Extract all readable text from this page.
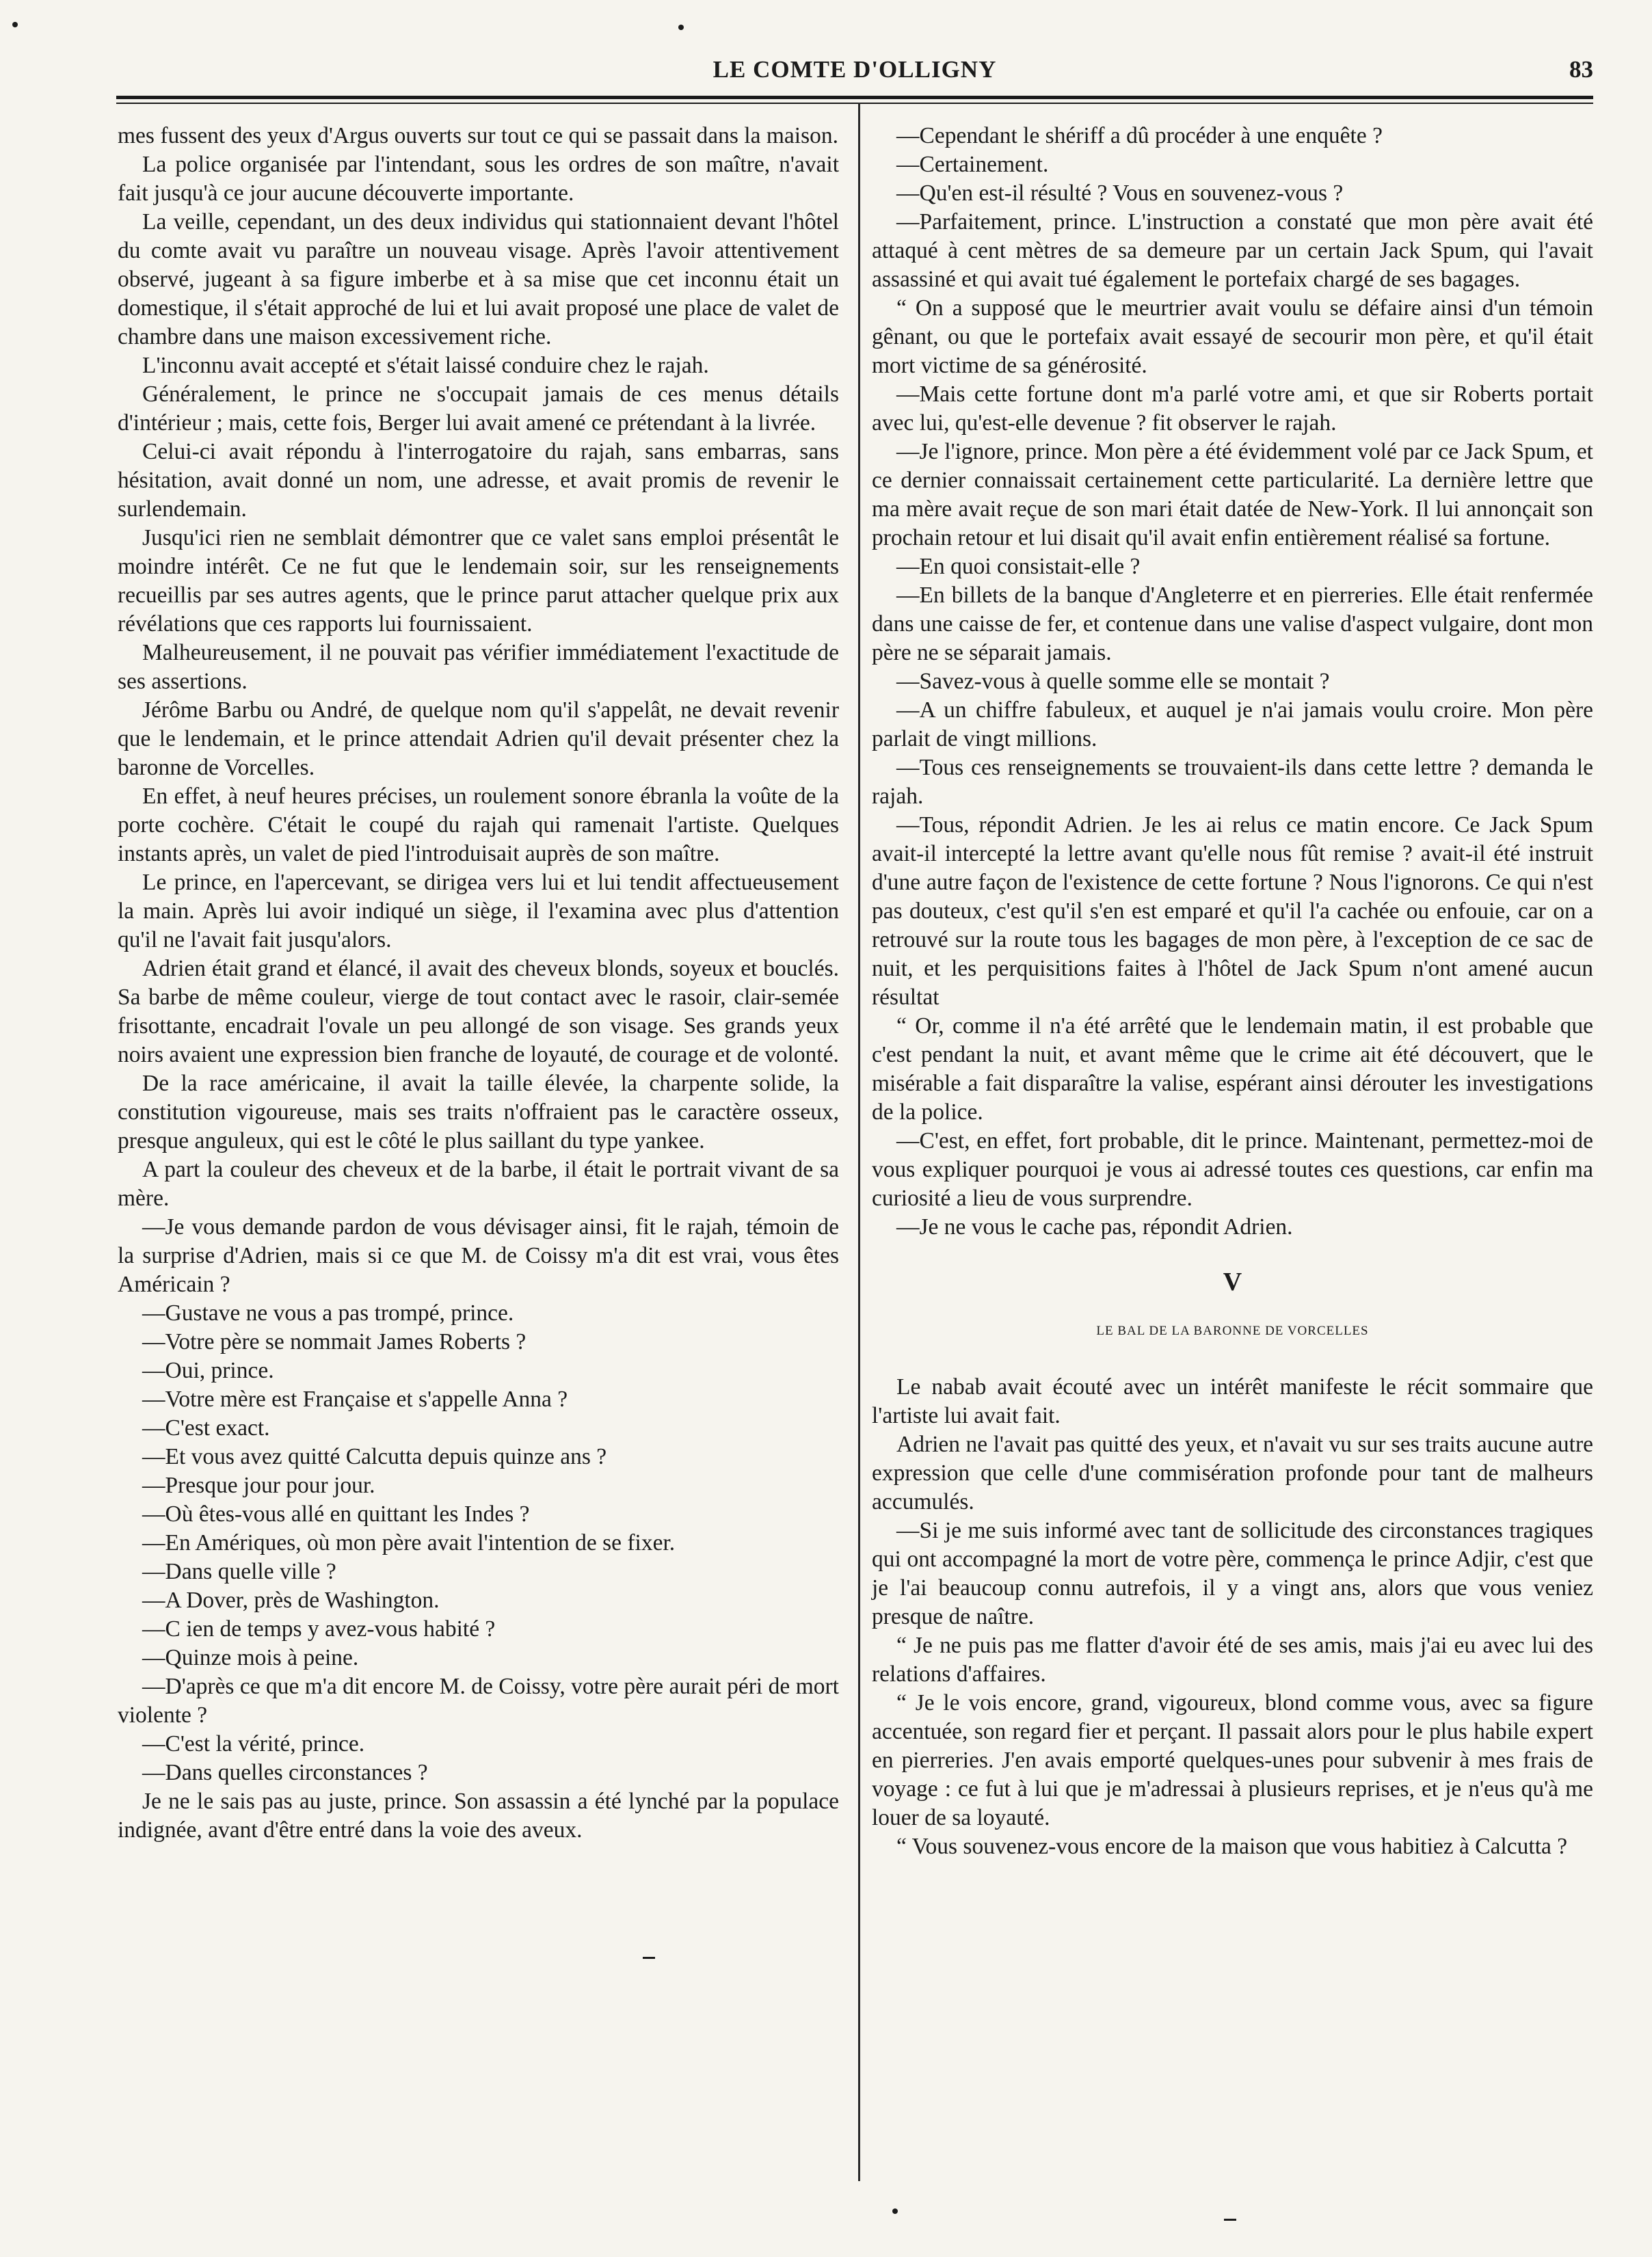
LE COMTE D'OLLIGNY	83

mes fussent des yeux d'Argus ouverts sur tout ce qui se passait dans la maison.

La police organisée par l'intendant, sous les ordres de son maître, n'avait fait jusqu'à ce jour aucune découverte importante.

La veille, cependant, un des deux individus qui stationnaient devant l'hôtel du comte avait vu paraître un nouveau visage. Après l'avoir attentivement observé, jugeant à sa figure imberbe et à sa mise que cet inconnu était un domestique, il s'était approché de lui et lui avait proposé une place de valet de chambre dans une maison excessivement riche.

L'inconnu avait accepté et s'était laissé conduire chez le rajah.

Généralement, le prince ne s'occupait jamais de ces menus détails d'intérieur ; mais, cette fois, Berger lui avait amené ce prétendant à la livrée.

Celui-ci avait répondu à l'interrogatoire du rajah, sans embarras, sans hésitation, avait donné un nom, une adresse, et avait promis de revenir le surlendemain.

Jusqu'ici rien ne semblait démontrer que ce valet sans emploi présentât le moindre intérêt. Ce ne fut que le lendemain soir, sur les renseignements recueillis par ses autres agents, que le prince parut attacher quelque prix aux révélations que ces rapports lui fournissaient.

Malheureusement, il ne pouvait pas vérifier immédiatement l'exactitude de ses assertions.

Jérôme Barbu ou André, de quelque nom qu'il s'appelât, ne devait revenir que le lendemain, et le prince attendait Adrien qu'il devait présenter chez la baronne de Vorcelles.

En effet, à neuf heures précises, un roulement sonore ébranla la voûte de la porte cochère. C'était le coupé du rajah qui ramenait l'artiste. Quelques instants après, un valet de pied l'introduisait auprès de son maître.

Le prince, en l'apercevant, se dirigea vers lui et lui tendit affectueusement la main. Après lui avoir indiqué un siège, il l'examina avec plus d'attention qu'il ne l'avait fait jusqu'alors.

Adrien était grand et élancé, il avait des cheveux blonds, soyeux et bouclés. Sa barbe de même couleur, vierge de tout contact avec le rasoir, clair-semée frisottante, encadrait l'ovale un peu allongé de son visage. Ses grands yeux noirs avaient une expression bien franche de loyauté, de courage et de volonté.

De la race américaine, il avait la taille élevée, la charpente solide, la constitution vigoureuse, mais ses traits n'offraient pas le caractère osseux, presque anguleux, qui est le côté le plus saillant du type yankee.

A part la couleur des cheveux et de la barbe, il était le portrait vivant de sa mère.

—Je vous demande pardon de vous dévisager ainsi, fit le rajah, témoin de la surprise d'Adrien, mais si ce que M. de Coissy m'a dit est vrai, vous êtes Américain ?

—Gustave ne vous a pas trompé, prince.

—Votre père se nommait James Roberts ?

—Oui, prince.

—Votre mère est Française et s'appelle Anna ?

—C'est exact.

—Et vous avez quitté Calcutta depuis quinze ans ?

—Presque jour pour jour.

—Où êtes-vous allé en quittant les Indes ?

—En Amériques, où mon père avait l'intention de se fixer.

—Dans quelle ville ?

—A Dover, près de Washington.

—C ien de temps y avez-vous habité ?

—Quinze mois à peine.

—D'après ce que m'a dit encore M. de Coissy, votre père aurait péri de mort violente ?

—C'est la vérité, prince.

—Dans quelles circonstances ?

Je ne le sais pas au juste, prince. Son assassin a été lynché par la populace indignée, avant d'être entré dans la voie des aveux.

—Cependant le shériff a dû procéder à une enquête ?

—Certainement.

—Qu'en est-il résulté ? Vous en souvenez-vous ?

—Parfaitement, prince. L'instruction a constaté que mon père avait été attaqué à cent mètres de sa demeure par un certain Jack Spum, qui l'avait assassiné et qui avait tué également le portefaix chargé de ses bagages.

“ On a supposé que le meurtrier avait voulu se défaire ainsi d'un témoin gênant, ou que le portefaix avait essayé de secourir mon père, et qu'il était mort victime de sa générosité.

—Mais cette fortune dont m'a parlé votre ami, et que sir Roberts portait avec lui, qu'est-elle devenue ? fit observer le rajah.

—Je l'ignore, prince. Mon père a été évidemment volé par ce Jack Spum, et ce dernier connaissait certainement cette particularité. La dernière lettre que ma mère avait reçue de son mari était datée de New-York. Il lui annonçait son prochain retour et lui disait qu'il avait enfin entièrement réalisé sa fortune.

—En quoi consistait-elle ?

—En billets de la banque d'Angleterre et en pierreries. Elle était renfermée dans une caisse de fer, et contenue dans une valise d'aspect vulgaire, dont mon père ne se séparait jamais.

—Savez-vous à quelle somme elle se montait ?

—A un chiffre fabuleux, et auquel je n'ai jamais voulu croire. Mon père parlait de vingt millions.

—Tous ces renseignements se trouvaient-ils dans cette lettre ? demanda le rajah.

—Tous, répondit Adrien. Je les ai relus ce matin encore. Ce Jack Spum avait-il intercepté la lettre avant qu'elle nous fût remise ? avait-il été instruit d'une autre façon de l'existence de cette fortune ? Nous l'ignorons. Ce qui n'est pas douteux, c'est qu'il s'en est emparé et qu'il l'a cachée ou enfouie, car on a retrouvé sur la route tous les bagages de mon père, à l'exception de ce sac de nuit, et les perquisitions faites à l'hôtel de Jack Spum n'ont amené aucun résultat

“ Or, comme il n'a été arrêté que le lendemain matin, il est probable que c'est pendant la nuit, et avant même que le crime ait été découvert, que le misérable a fait disparaître la valise, espérant ainsi dérouter les investigations de la police.

—C'est, en effet, fort probable, dit le prince. Maintenant, permettez-moi de vous expliquer pourquoi je vous ai adressé toutes ces questions, car enfin ma curiosité a lieu de vous surprendre.

—Je ne vous le cache pas, répondit Adrien.

V
LE BAL DE LA BARONNE DE VORCELLES

Le nabab avait écouté avec un intérêt manifeste le récit sommaire que l'artiste lui avait fait.

Adrien ne l'avait pas quitté des yeux, et n'avait vu sur ses traits aucune autre expression que celle d'une commisération profonde pour tant de malheurs accumulés.

—Si je me suis informé avec tant de sollicitude des circonstances tragiques qui ont accompagné la mort de votre père, commença le prince Adjir, c'est que je l'ai beaucoup connu autrefois, il y a vingt ans, alors que vous veniez presque de naître.

“ Je ne puis pas me flatter d'avoir été de ses amis, mais j'ai eu avec lui des relations d'affaires.

“ Je le vois encore, grand, vigoureux, blond comme vous, avec sa figure accentuée, son regard fier et perçant. Il passait alors pour le plus habile expert en pierreries. J'en avais emporté quelques-unes pour subvenir à mes frais de voyage : ce fut à lui que je m'adressai à plusieurs reprises, et je n'eus qu'à me louer de sa loyauté.

“ Vous souvenez-vous encore de la maison que vous habitiez à Calcutta ?
